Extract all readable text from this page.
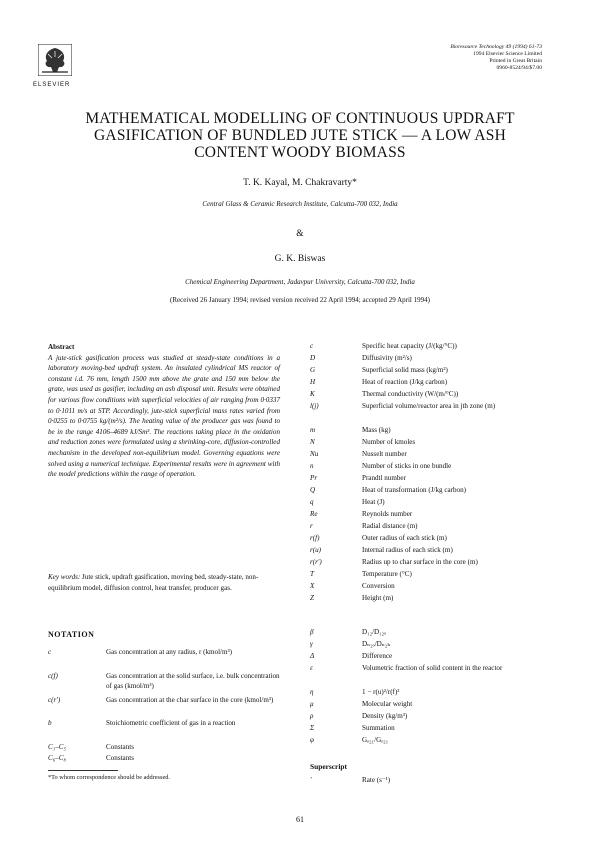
ELSEVIER
Bioresource Technology 49 (1994) 61-73
1994 Elsevier Science Limited
Printed in Great Britain
0960-8524/94/$7.00
MATHEMATICAL MODELLING OF CONTINUOUS UPDRAFT
GASIFICATION OF BUNDLED JUTE STICK — A LOW ASH
CONTENT WOODY BIOMASS
T. K. Kayal, M. Chakravarty*
Central Glass & Ceramic Research Institute, Calcutta-700 032, India
&
G. K. Biswas
Chemical Engineering Department, Jadavpur University, Calcutta-700 032, India
(Received 26 January 1994; revised version received 22 April 1994; accepted 29 April 1994)
Abstract
A jute-stick gasification process was studied at steady-state conditions in a laboratory moving-bed updraft system. An insulated cylindrical MS reactor of constant i.d. 76 mm, length 1500 mm above the grate and 150 mm below the grate, was used as gasifier, including an ash disposal unit. Results were obtained for various flow conditions with superficial velocities of air ranging from 0·0337 to 0·1011 m/s at STP. Accordingly, jute-stick superficial mass rates varied from 0·0255 to 0·0755 kg/(m²/s). The heating value of the producer gas was found to be in the range 4106–4689 kJ/Sm³. The reactions taking place in the oxidation and reduction zones were formulated using a shrinking-core, diffusion-controlled mechanism in the developed non-equilibrium model. Governing equations were solved using a numerical technique. Experimental results were in agreement with the model predictions within the range of operation.
Key words: Jute stick, updraft gasification, moving bed, steady-state, non-equilibrium model, diffusion control, heat transfer, producer gas.
NOTATION
c	Gas concentration at any radius, r (kmol/m³)
c(f)	Gas concentration at the solid surface, i.e. bulk concentration of gas (kmol/m³)
c(r′)	Gas concentration at the char surface in the core (kmol/m³)
b	Stoichiometric coefficient of gas in a reaction
C₁–C₅	Constants
C₆–C₈	Constants
c	Specific heat capacity (J/(kg/°C))
D	Diffusivity (m²/s)
G	Superficial solid mass (kg/m²)
H	Heat of reaction (J/kg carbon)
K	Thermal conductivity (W/(m/°C))
l(j)	Superficial volume/reactor area in jth zone (m)
m	Mass (kg)
N	Number of kmoles
Nu	Nusselt number
n	Number of sticks in one bundle
Pr	Prandtl number
Q	Heat of transformation (J/kg carbon)
q	Heat (J)
Re	Reynolds number
r	Radial distance (m)
r(f)	Outer radius of each stick (m)
r(u)	Internal radius of each stick (m)
r(r′)	Radius up to char surface in the core (m)
T	Temperature (°C)
X	Conversion
Z	Height (m)
β	D₁₂/D₁₂ₒ
γ	Dₙ₂ₒ/Dₙ₂ₕ
Δ	Difference
ε	Volumetric fraction of solid content in the reactor
η	1 − r(u)²/r(f)²
μ	Molecular weight
ρ	Density (kg/m³)
Σ	Summation
φ	Gₒ₂₁/Gₒ₂₁
Superscript
′	Rate (s⁻¹)
*To whom correspondence should be addressed.
61
